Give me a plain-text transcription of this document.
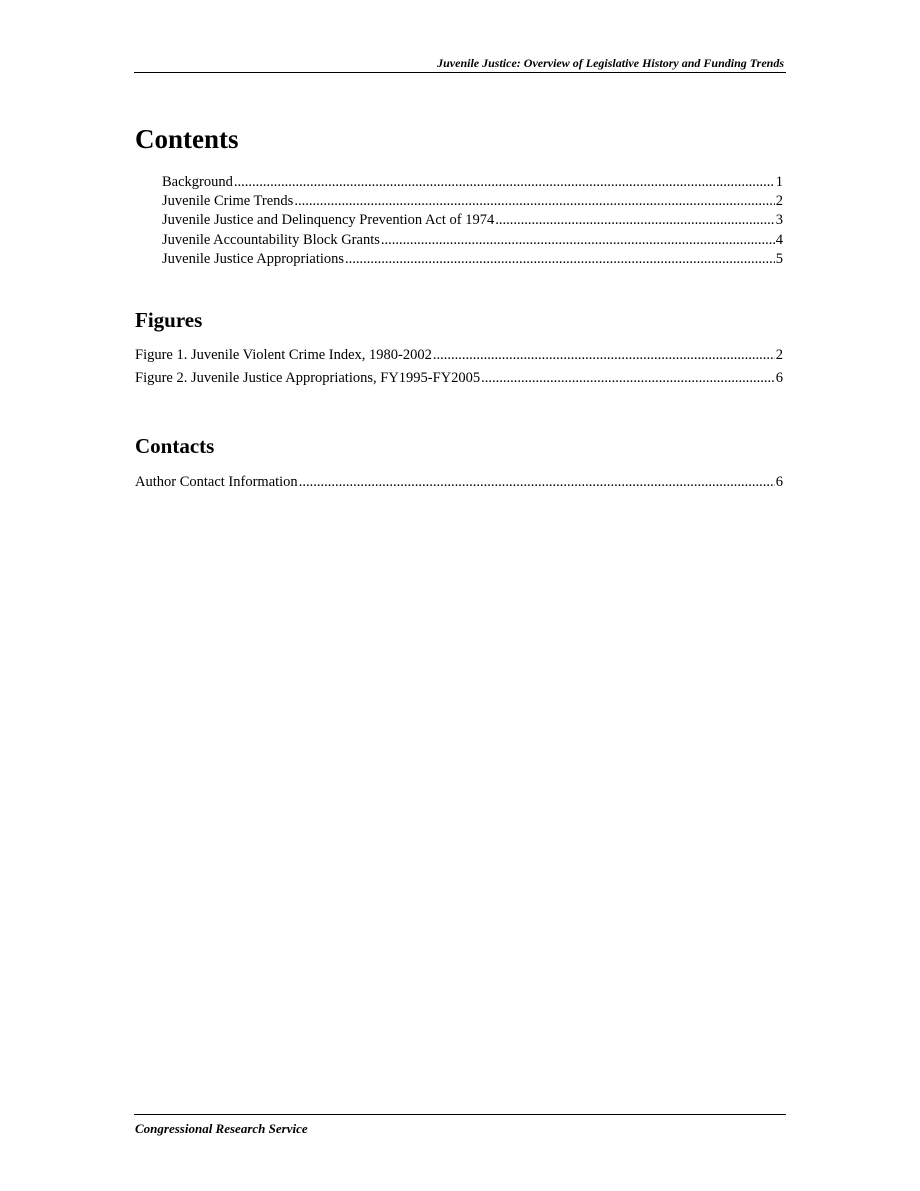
Juvenile Justice: Overview of Legislative History and Funding Trends
Contents
Background .....	1
Juvenile Crime Trends .....	2
Juvenile Justice and Delinquency Prevention Act of 1974 .....	3
Juvenile Accountability Block Grants .....	4
Juvenile Justice Appropriations .....	5
Figures
Figure 1. Juvenile Violent Crime Index, 1980-2002 .....	2
Figure 2. Juvenile Justice Appropriations, FY1995-FY2005 .....	6
Contacts
Author Contact Information .....	6
Congressional Research Service
